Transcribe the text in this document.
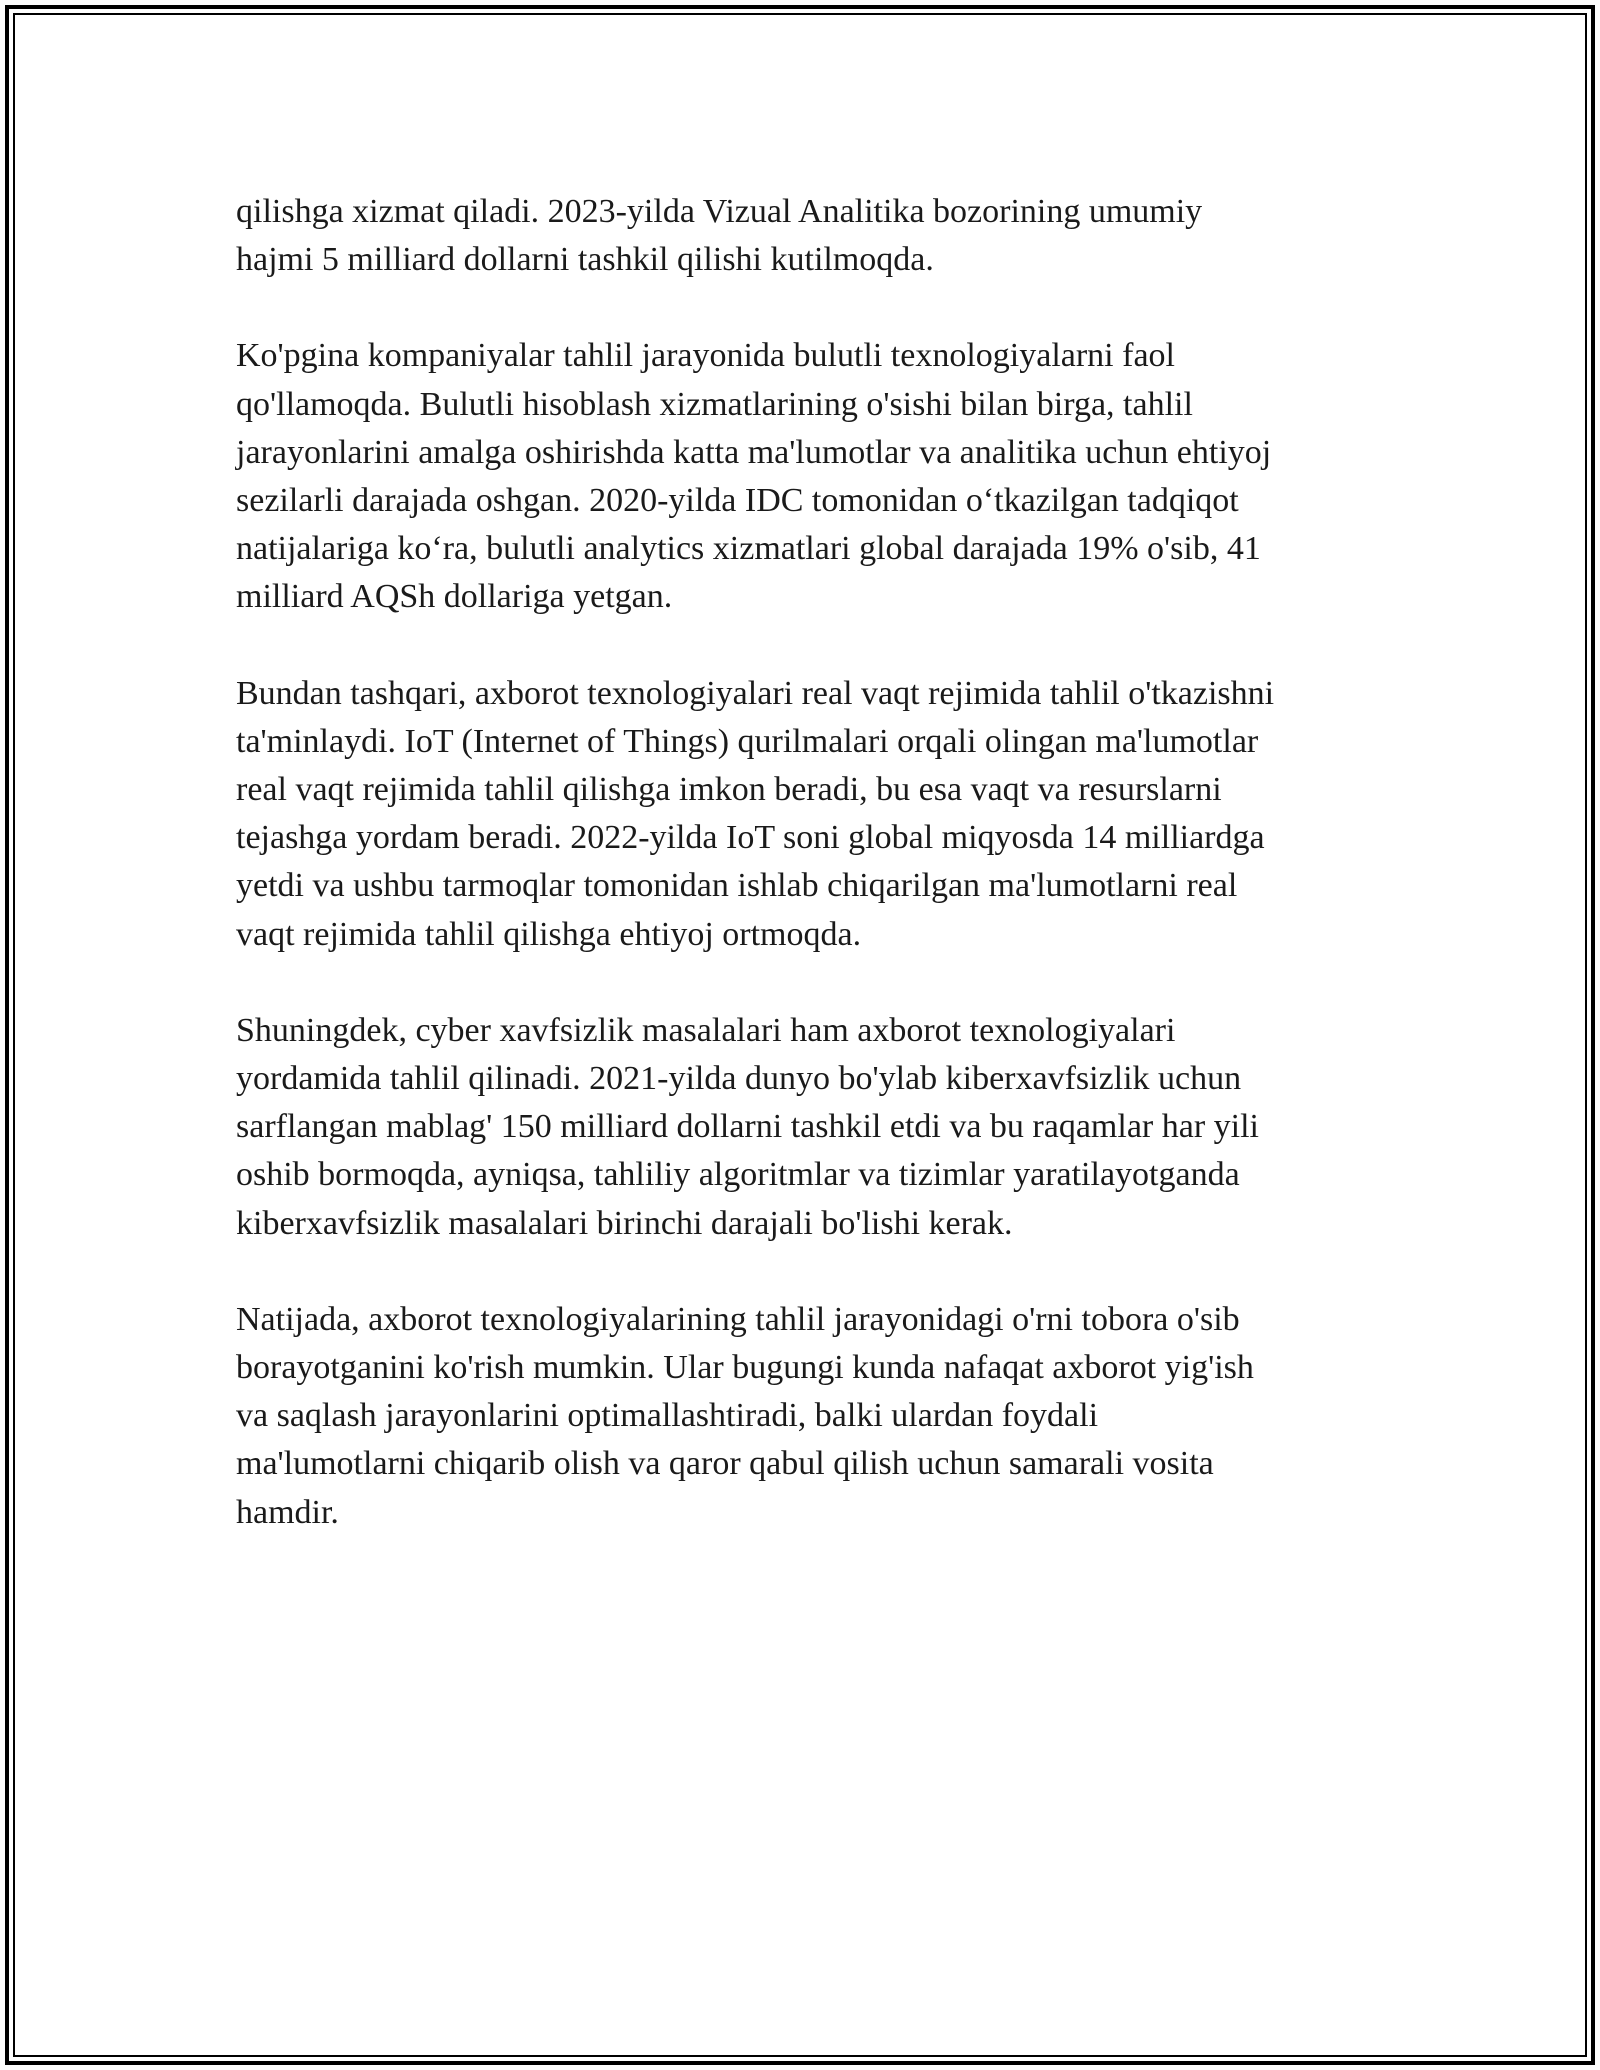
qilishga xizmat qiladi. 2023-yilda Vizual Analitika bozorining umumiy
hajmi 5 milliard dollarni tashkil qilishi kutilmoqda.
Ko'pgina kompaniyalar tahlil jarayonida bulutli texnologiyalarni faol
qo'llamoqda. Bulutli hisoblash xizmatlarining o'sishi bilan birga, tahlil
jarayonlarini amalga oshirishda katta ma'lumotlar va analitika uchun ehtiyoj
sezilarli darajada oshgan. 2020-yilda IDC tomonidan o‘tkazilgan tadqiqot
natijalariga ko‘ra, bulutli analytics xizmatlari global darajada 19% o'sib, 41
milliard AQSh dollariga yetgan.
Bundan tashqari, axborot texnologiyalari real vaqt rejimida tahlil o'tkazishni
ta'minlaydi. IoT (Internet of Things) qurilmalari orqali olingan ma'lumotlar
real vaqt rejimida tahlil qilishga imkon beradi, bu esa vaqt va resurslarni
tejashga yordam beradi. 2022-yilda IoT soni global miqyosda 14 milliardga
yetdi va ushbu tarmoqlar tomonidan ishlab chiqarilgan ma'lumotlarni real
vaqt rejimida tahlil qilishga ehtiyoj ortmoqda.
Shuningdek, cyber xavfsizlik masalalari ham axborot texnologiyalari
yordamida tahlil qilinadi. 2021-yilda dunyo bo'ylab kiberxavfsizlik uchun
sarflangan mablag' 150 milliard dollarni tashkil etdi va bu raqamlar har yili
oshib bormoqda, ayniqsa, tahliliy algoritmlar va tizimlar yaratilayotganda
kiberxavfsizlik masalalari birinchi darajali bo'lishi kerak.
Natijada, axborot texnologiyalarining tahlil jarayonidagi o'rni tobora o'sib
borayotganini ko'rish mumkin. Ular bugungi kunda nafaqat axborot yig'ish
va saqlash jarayonlarini optimallashtiradi, balki ulardan foydali
ma'lumotlarni chiqarib olish va qaror qabul qilish uchun samarali vosita
hamdir.
